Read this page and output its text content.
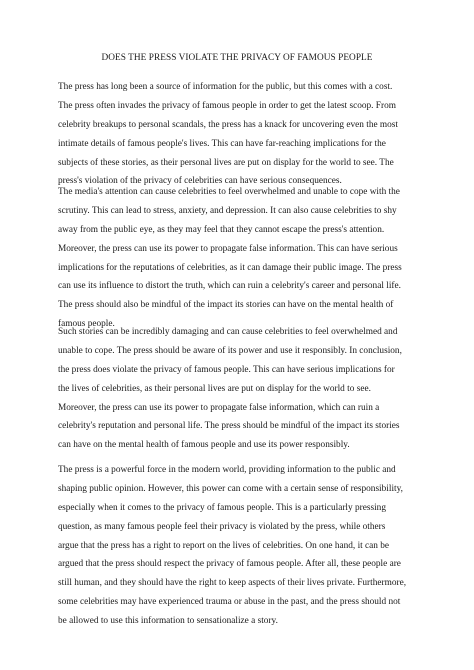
DOES THE PRESS VIOLATE THE PRIVACY OF FAMOUS PEOPLE
The press has long been a source of information for the public, but this comes with a cost.
The press often invades the privacy of famous people in order to get the latest scoop. From
celebrity breakups to personal scandals, the press has a knack for uncovering even the most
intimate details of famous people's lives. This can have far-reaching implications for the
subjects of these stories, as their personal lives are put on display for the world to see. The
press's violation of the privacy of celebrities can have serious consequences.
The media's attention can cause celebrities to feel overwhelmed and unable to cope with the
scrutiny. This can lead to stress, anxiety, and depression. It can also cause celebrities to shy
away from the public eye, as they may feel that they cannot escape the press's attention.
Moreover, the press can use its power to propagate false information. This can have serious
implications for the reputations of celebrities, as it can damage their public image. The press
can use its influence to distort the truth, which can ruin a celebrity's career and personal life.
The press should also be mindful of the impact its stories can have on the mental health of
famous people.
Such stories can be incredibly damaging and can cause celebrities to feel overwhelmed and
unable to cope. The press should be aware of its power and use it responsibly. In conclusion,
the press does violate the privacy of famous people. This can have serious implications for
the lives of celebrities, as their personal lives are put on display for the world to see.
Moreover, the press can use its power to propagate false information, which can ruin a
celebrity's reputation and personal life. The press should be mindful of the impact its stories
can have on the mental health of famous people and use its power responsibly.
The press is a powerful force in the modern world, providing information to the public and
shaping public opinion. However, this power can come with a certain sense of responsibility,
especially when it comes to the privacy of famous people. This is a particularly pressing
question, as many famous people feel their privacy is violated by the press, while others
argue that the press has a right to report on the lives of celebrities. On one hand, it can be
argued that the press should respect the privacy of famous people. After all, these people are
still human, and they should have the right to keep aspects of their lives private. Furthermore,
some celebrities may have experienced trauma or abuse in the past, and the press should not
be allowed to use this information to sensationalize a story.
